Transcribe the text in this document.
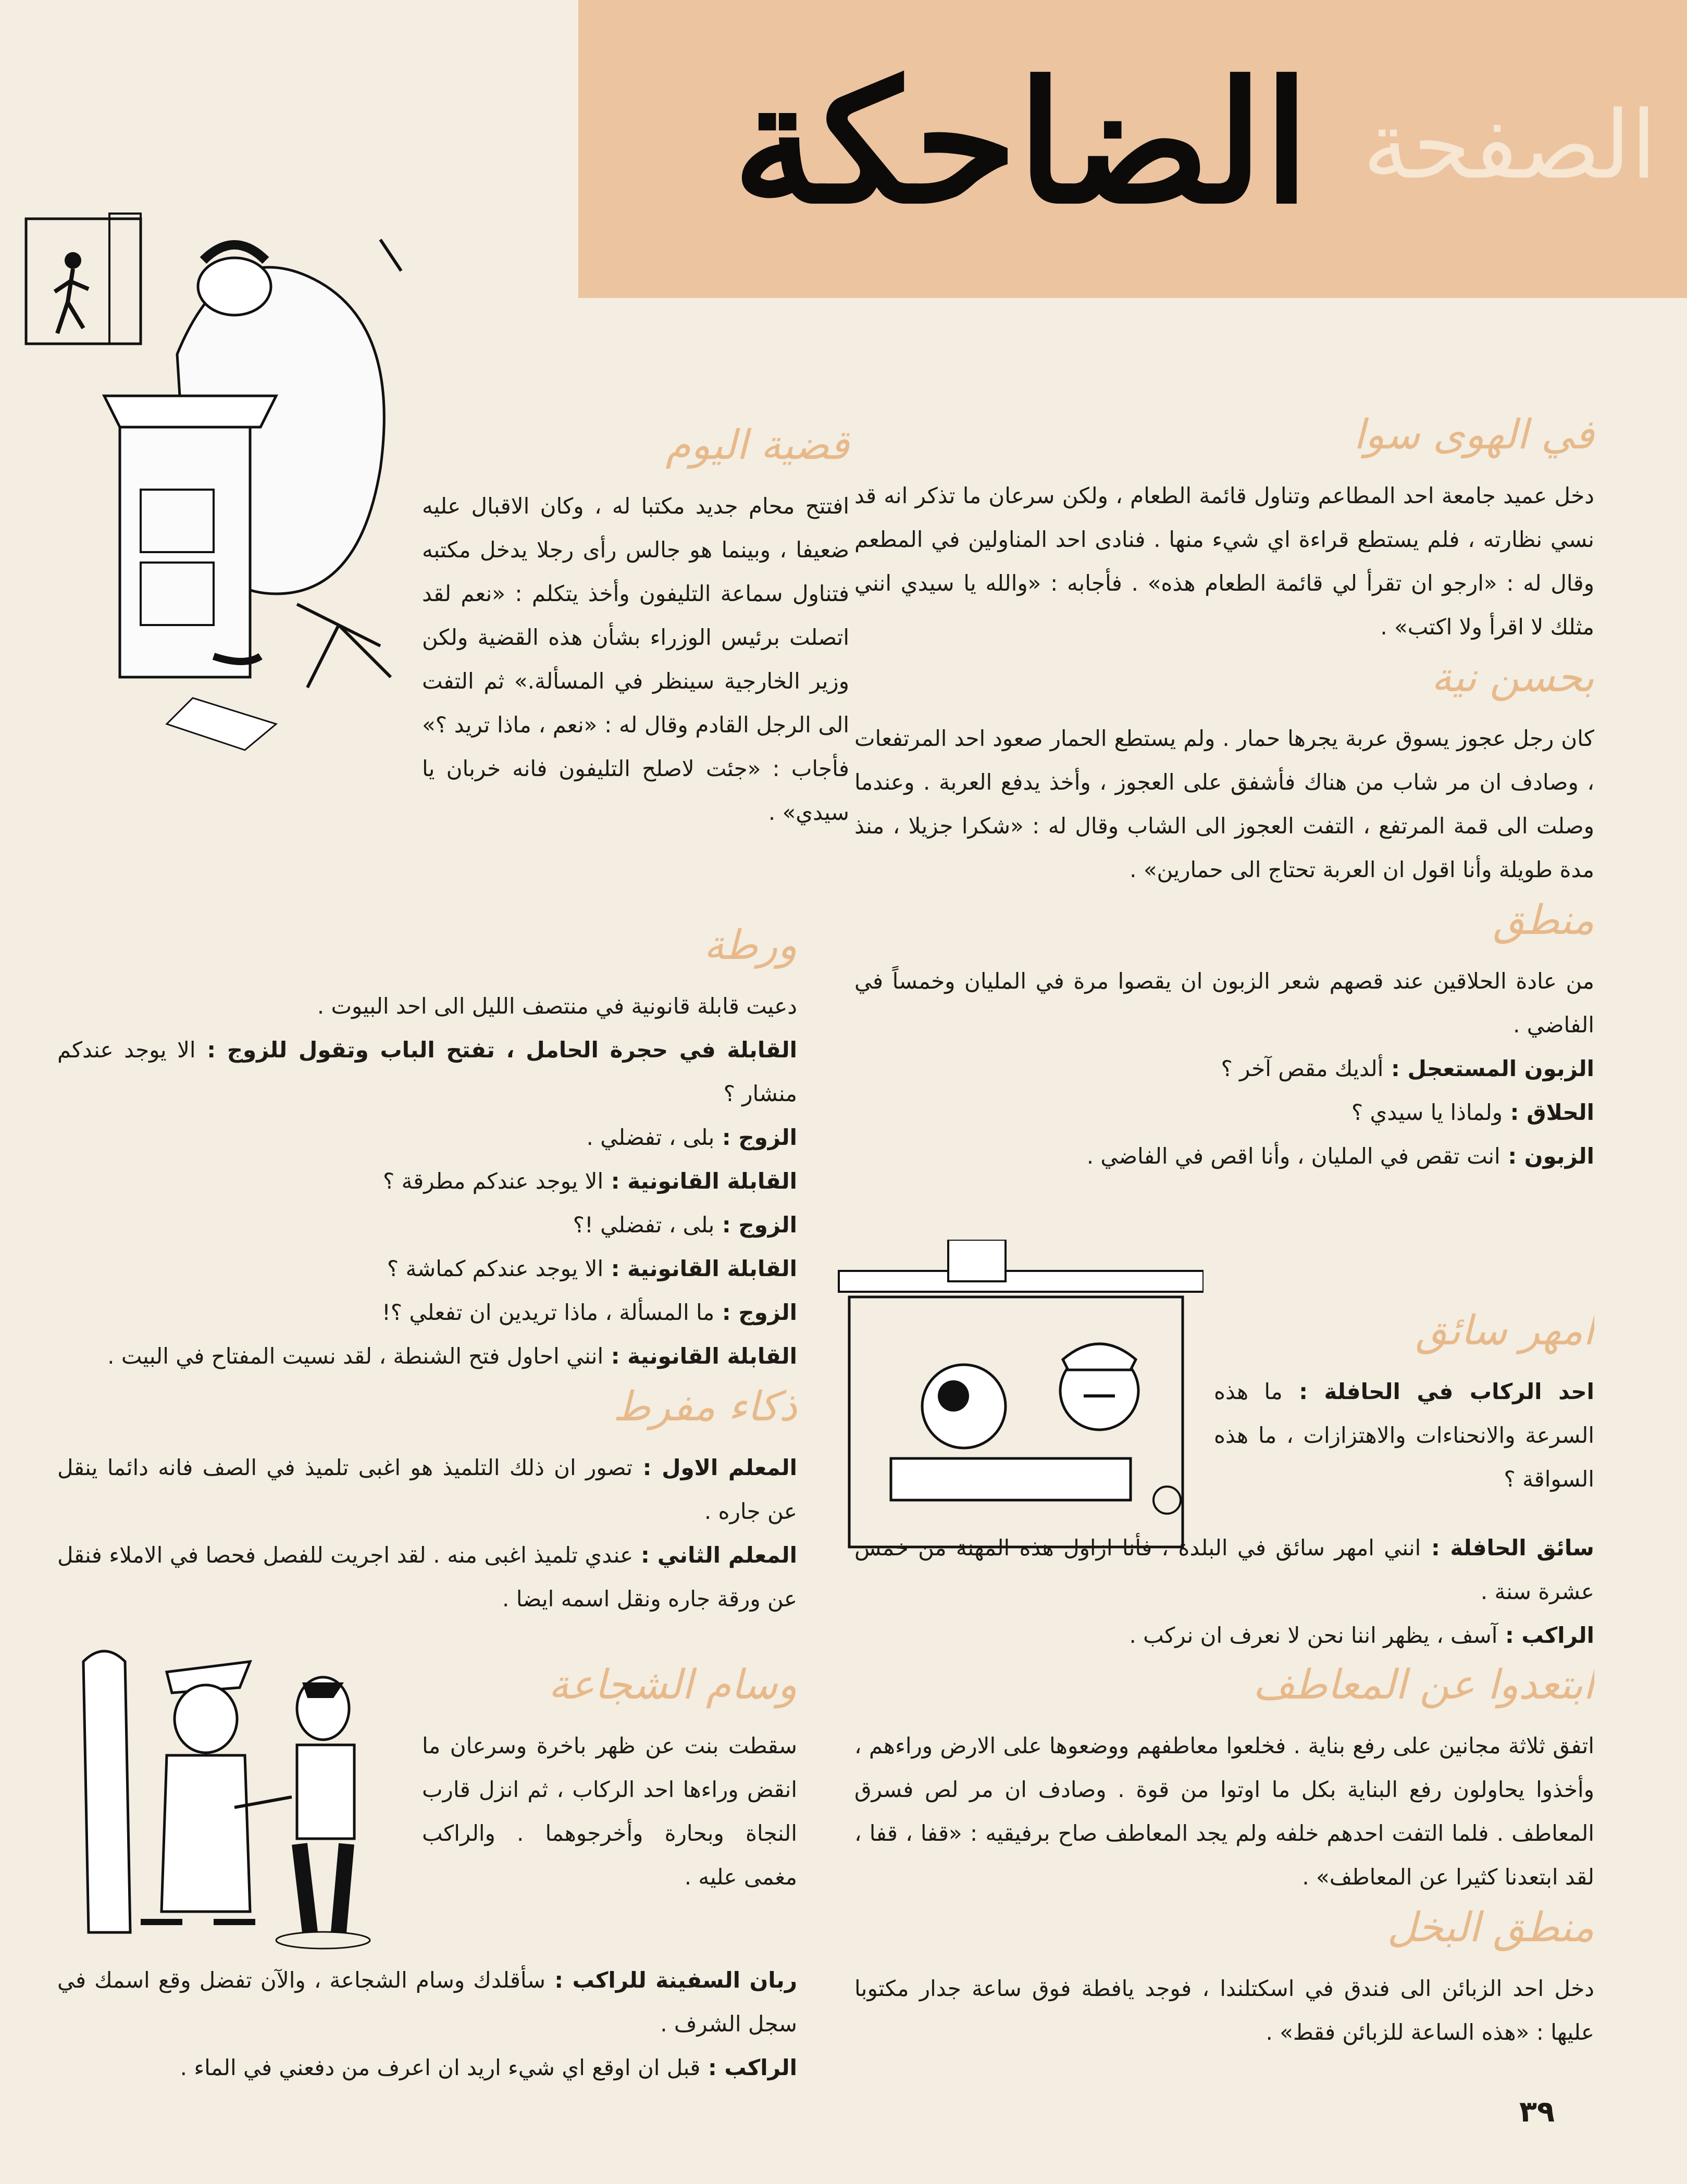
الصفحة
الضاحكة
في الهوى سوا

دخل عميد جامعة احد المطاعم وتناول قائمة الطعام ، ولكن سرعان ما تذكر انه قد نسي نظارته ، فلم يستطع قراءة اي شيء منها . فنادى احد المناولين في المطعم وقال له : «ارجو ان تقرأ لي قائمة الطعام هذه» . فأجابه : «والله يا سيدي انني مثلك لا اقرأ ولا اكتب» .

بحسن نية

كان رجل عجوز يسوق عربة يجرها حمار . ولم يستطع الحمار صعود احد المرتفعات ، وصادف ان مر شاب من هناك فأشفق على العجوز ، وأخذ يدفع العربة . وعندما وصلت الى قمة المرتفع ، التفت العجوز الى الشاب وقال له : «شكرا جزيلا ، منذ مدة طويلة وأنا اقول ان العربة تحتاج الى حمارين» .

منطق

من عادة الحلاقين عند قصهم شعر الزبون ان يقصوا مرة في المليان وخمساً في الفاضي .

الزبون المستعجل : ألديك مقص آخر ؟
الحلاق : ولماذا يا سيدي ؟
الزبون : انت تقص في المليان ، وأنا اقص في الفاضي .
امهر سائق
احد الركاب في الحافلة : ما هذه السرعة والانحناءات والاهتزازات ، ما هذه السواقة ؟
سائق الحافلة : انني امهر سائق في البلدة ، فأنا ازاول هذه المهنة من خمس عشرة سنة .
الراكب : آسف ، يظهر اننا نحن لا نعرف ان نركب .
ابتعدوا عن المعاطف

اتفق ثلاثة مجانين على رفع بناية . فخلعوا معاطفهم ووضعوها على الارض وراءهم ، وأخذوا يحاولون رفع البناية بكل ما اوتوا من قوة . وصادف ان مر لص فسرق المعاطف . فلما التفت احدهم خلفه ولم يجد المعاطف صاح برفيقيه : «قفا ، قفا ، لقد ابتعدنا كثيرا عن المعاطف» .

منطق البخل

دخل احد الزبائن الى فندق في اسكتلندا ، فوجد يافطة فوق ساعة جدار مكتوبا عليها : «هذه الساعة للزبائن فقط» .

قضية اليوم

افتتح محام جديد مكتبا له ، وكان الاقبال عليه ضعيفا ، وبينما هو جالس رأى رجلا يدخل مكتبه فتناول سماعة التليفون وأخذ يتكلم : «نعم لقد اتصلت برئيس الوزراء بشأن هذه القضية ولكن وزير الخارجية سينظر في المسألة.» ثم التفت الى الرجل القادم وقال له : «نعم ، ماذا تريد ؟» فأجاب : «جئت لاصلح التليفون فانه خربان يا سيدي» .

ورطة

دعيت قابلة قانونية في منتصف الليل الى احد البيوت .

القابلة في حجرة الحامل ، تفتح الباب وتقول للزوج : الا يوجد عندكم منشار ؟
الزوج : بلى ، تفضلي .
القابلة القانونية : الا يوجد عندكم مطرقة ؟
الزوج : بلى ، تفضلي !؟
القابلة القانونية : الا يوجد عندكم كماشة ؟
الزوج : ما المسألة ، ماذا تريدين ان تفعلي ؟!
القابلة القانونية : انني احاول فتح الشنطة ، لقد نسيت المفتاح في البيت .
ذكاء مفرط
المعلم الاول : تصور ان ذلك التلميذ هو اغبى تلميذ في الصف فانه دائما ينقل عن جاره .
المعلم الثاني : عندي تلميذ اغبى منه . لقد اجريت للفصل فحصا في الاملاء فنقل عن ورقة جاره ونقل اسمه ايضا .
وسام الشجاعة

سقطت بنت عن ظهر باخرة وسرعان ما انقض وراءها احد الركاب ، ثم انزل قارب النجاة وبحارة وأخرجوهما . والراكب مغمى عليه .

ربان السفينة للراكب : سأقلدك وسام الشجاعة ، والآن تفضل وقع اسمك في سجل الشرف .
الراكب : قبل ان اوقع اي شيء اريد ان اعرف من دفعني في الماء .
٣٩
